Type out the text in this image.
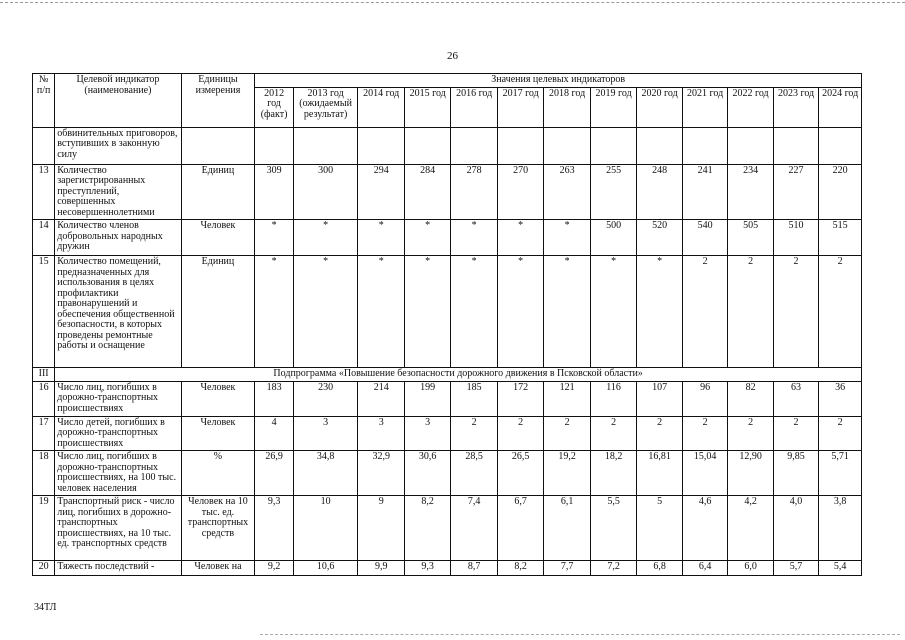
26
№ п/п	Целевой индикатор (наименование)	Единицы измерения	Значения целевых индикаторов												
			2012 год (факт)	2013 год (ожидаемый результат)	2014 год	2015 год	2016 год	2017 год	2018 год	2019 год	2020 год	2021 год	2022 год	2023 год	2024 год
	обвинительных приговоров, вступивших в законную силу														
13	Количество зарегистрированных преступлений, совершенных несовершеннолетними	Единиц	309	300	294	284	278	270	263	255	248	241	234	227	220
14	Количество членов добровольных народных дружин	Человек	*	*	*	*	*	*	*	500	520	540	505	510	515
15	Количество помещений, предназначенных для использования в целях профилактики правонарушений и обеспечения общественной безопасности, в которых проведены ремонтные работы и оснащение	Единиц	*	*	*	*	*	*	*	*	*	2	2	2	2
III	Подпрограмма «Повышение безопасности дорожного движения в Псковской области»														
16	Число лиц, погибших в дорожно-транспортных происшествиях	Человек	183	230	214	199	185	172	121	116	107	96	82	63	36
17	Число детей, погибших в дорожно-транспортных происшествиях	Человек	4	3	3	3	2	2	2	2	2	2	2	2	2
18	Число лиц, погибших в дорожно-транспортных происшествиях, на 100 тыс. человек населения	%	26,9	34,8	32,9	30,6	28,5	26,5	19,2	18,2	16,81	15,04	12,90	9,85	5,71
19	Транспортный риск - число лиц, погибших в дорожно-транспортных происшествиях, на 10 тыс. ед. транспортных средств	Человек на 10 тыс. ед. транспортных средств	9,3	10	9	8,2	7,4	6,7	6,1	5,5	5	4,6	4,2	4,0	3,8
20	Тяжесть последствий -	Человек на	9,2	10,6	9,9	9,3	8,7	8,2	7,7	7,2	6,8	6,4	6,0	5,7	5,4
34ТЛ
